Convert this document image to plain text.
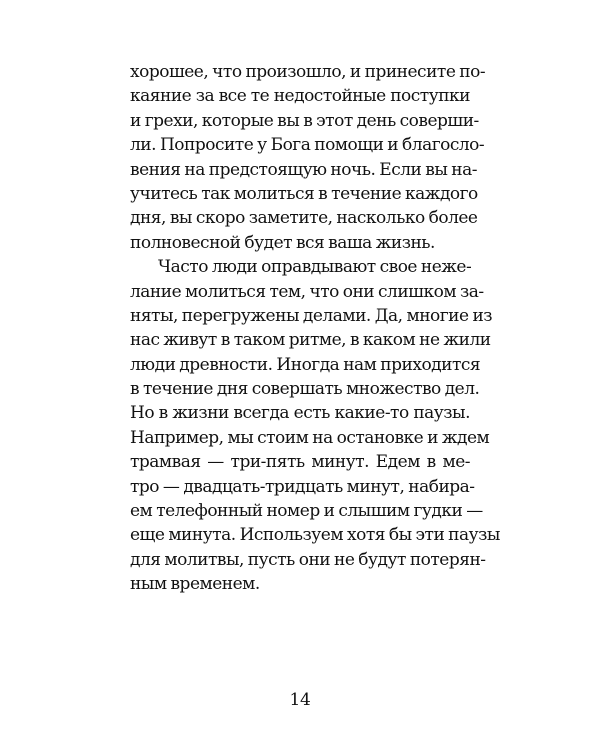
хорошее, что произошло, и принесите по-
каяние за все те недостойные поступки
и грехи, которые вы в этот день соверши-
ли. Попросите у Бога помощи и благосло-
вения на предстоящую ночь. Если вы на-
учитесь так молиться в течение каждого
дня, вы скоро заметите, насколько более
полновесной будет вся ваша жизнь.
Часто люди оправдывают свое нежe-
лание молиться тем, что они слишком за-
няты, перегружены делами. Да, многие из
нас живут в таком ритме, в каком не жили
люди древности. Иногда нам приходится
в течение дня совершать множество дел.
Но в жизни всегда есть какие-то паузы.
Например, мы стоим на остановке и ждем
трамвая — три-пять минут. Едем в ме-
тро — двадцать-тридцать минут, набира-
ем телефонный номер и слышим гудки —
еще минута. Используем хотя бы эти паузы
для молитвы, пусть они не будут потерян-
ным временем.
14
